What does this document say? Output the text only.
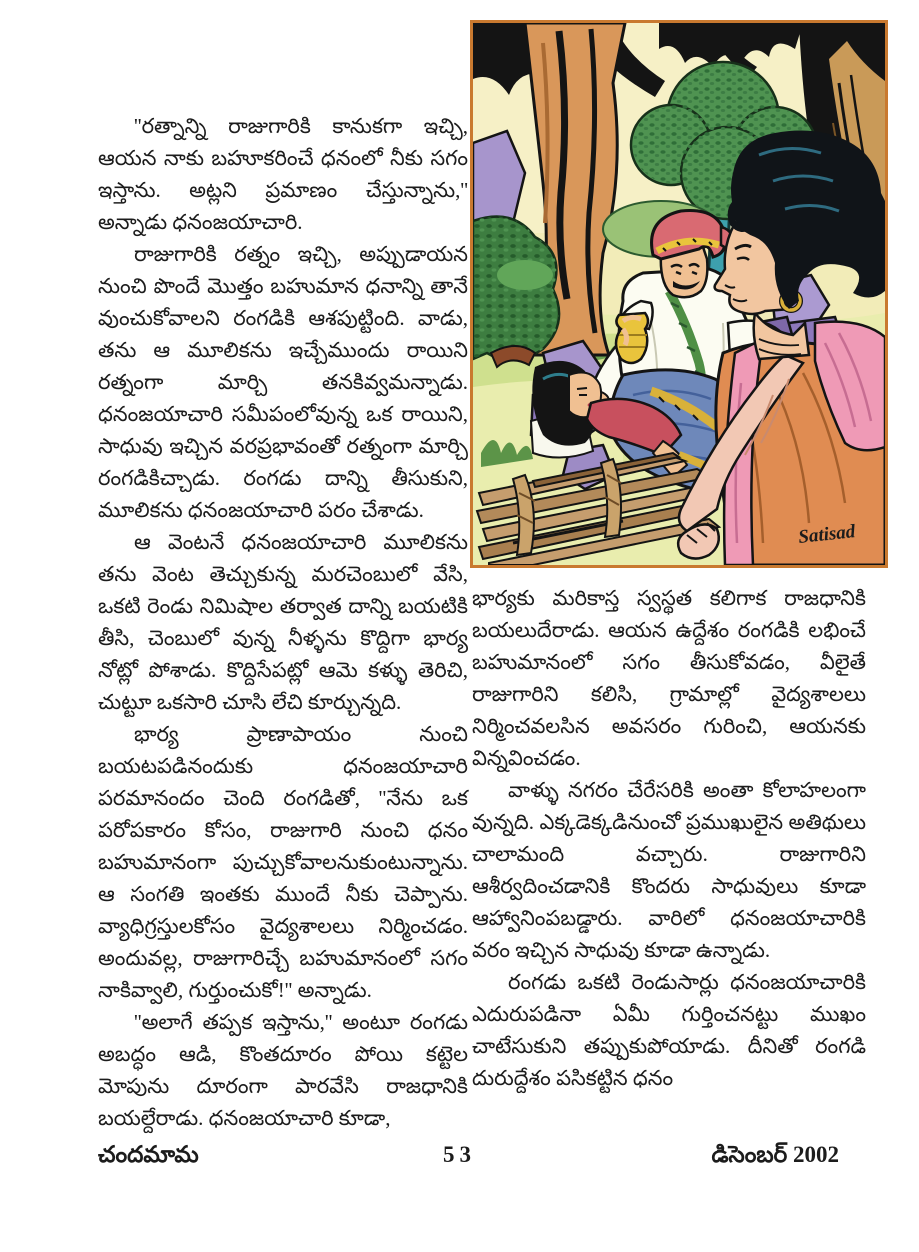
Satisad

''రత్నాన్ని రాజుగారికి కానుకగా ఇచ్చి, ఆయన నాకు బహూకరించే ధనంలో నీకు సగం ఇస్తాను. అట్లని ప్రమాణం చేస్తున్నాను,'' అన్నాడు ధనంజయాచారి.

రాజుగారికి రత్నం ఇచ్చి, అప్పుడాయన నుంచి పొందే మొత్తం బహుమాన ధనాన్ని తానే వుంచుకోవాలని రంగడికి ఆశపుట్టింది. వాడు, తను ఆ మూలికను ఇచ్చేముందు రాయిని రత్నంగా మార్చి తనకివ్వమన్నాడు. ధనంజయాచారి సమీపంలోవున్న ఒక రాయిని, సాధువు ఇచ్చిన వరప్రభావంతో రత్నంగా మార్చి రంగడికిచ్చాడు. రంగడు దాన్ని తీసుకుని, మూలికను ధనంజయాచారి పరం చేశాడు.

ఆ వెంటనే ధనంజయాచారి మూలికను తను వెంట తెచ్చుకున్న మరచెంబులో వేసి, ఒకటి రెండు నిమిషాల తర్వాత దాన్ని బయటికి తీసి, చెంబులో వున్న నీళ్ళను కొద్దిగా భార్య నోట్లో పోశాడు. కొద్దిసేపట్లో ఆమె కళ్ళు తెరిచి, చుట్టూ ఒకసారి చూసి లేచి కూర్చున్నది.

భార్య ప్రాణాపాయం నుంచి బయటపడినందుకు ధనంజయాచారి పరమానందం చెంది రంగడితో, ''నేను ఒక పరోపకారం కోసం, రాజుగారి నుంచి ధనం బహుమానంగా పుచ్చుకోవాలనుకుంటున్నాను. ఆ సంగతి ఇంతకు ముందే నీకు చెప్పాను. వ్యాధిగ్రస్తులకోసం వైద్యశాలలు నిర్మించడం. అందువల్ల, రాజుగారిచ్చే బహుమానంలో సగం నాకివ్వాలి, గుర్తుంచుకో!'' అన్నాడు.

''అలాగే తప్పక ఇస్తాను,'' అంటూ రంగడు అబద్ధం ఆడి, కొంతదూరం పోయి కట్టెల మోపును దూరంగా పారవేసి రాజధానికి బయల్దేరాడు. ధనంజయాచారి కూడా,

భార్యకు మరికాస్త స్వస్థత కలిగాక రాజధానికి బయలుదేరాడు. ఆయన ఉద్దేశం రంగడికి లభించే బహుమానంలో సగం తీసుకోవడం, వీలైతే రాజుగారిని కలిసి, గ్రామాల్లో వైద్యశాలలు నిర్మించవలసిన అవసరం గురించి, ఆయనకు విన్నవించడం.

వాళ్ళు నగరం చేరేసరికి అంతా కోలాహలంగా వున్నది. ఎక్కడెక్కడినుంచో ప్రముఖులైన అతిథులు చాలామంది వచ్చారు. రాజుగారిని ఆశీర్వదించడానికి కొందరు సాధువులు కూడా ఆహ్వానింపబడ్డారు. వారిలో ధనంజయాచారికి వరం ఇచ్చిన సాధువు కూడా ఉన్నాడు.

రంగడు ఒకటి రెండుసార్లు ధనంజయాచారికి ఎదురుపడినా ఏమీ గుర్తించనట్టు ముఖం చాటేసుకుని తప్పుకుపోయాడు. దీనితో రంగడి దురుద్దేశం పసికట్టిన ధనం

చందమామ	53	డిసెంబర్ 2002
